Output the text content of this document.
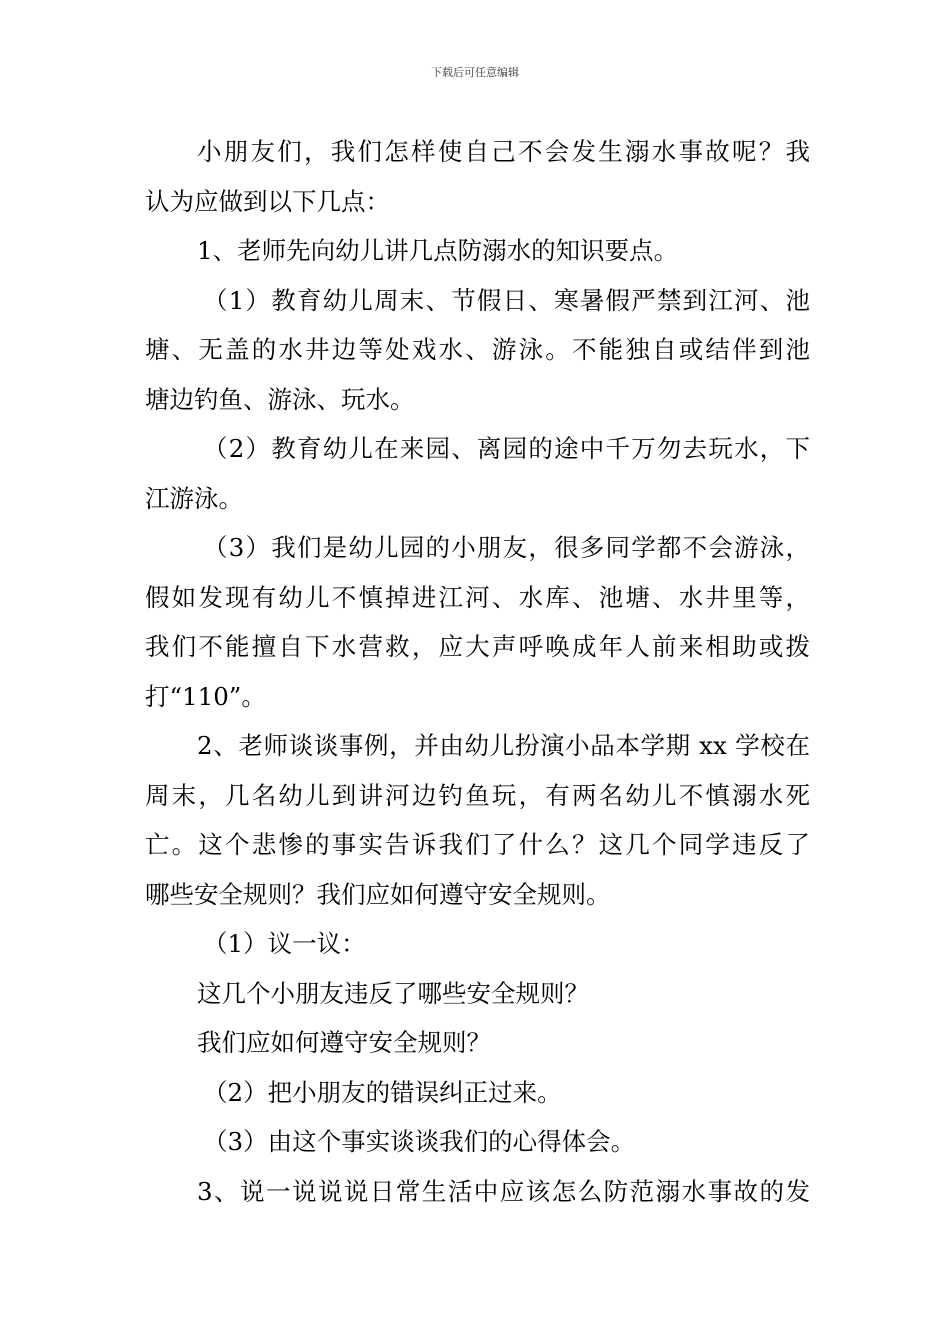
下载后可任意编辑
小朋友们，我们怎样使自己不会发生溺水事故呢？我
认为应做到以下几点：
1、老师先向幼儿讲几点防溺水的知识要点。
（1）教育幼儿周末、节假日、寒暑假严禁到江河、池
塘、无盖的水井边等处戏水、游泳。不能独自或结伴到池
塘边钓鱼、游泳、玩水。
（2）教育幼儿在来园、离园的途中千万勿去玩水，下
江游泳。
（3）我们是幼儿园的小朋友，很多同学都不会游泳，
假如发现有幼儿不慎掉进江河、水库、池塘、水井里等，
我们不能擅自下水营救，应大声呼唤成年人前来相助或拨
打“110”。
2、老师谈谈事例，并由幼儿扮演小品本学期 xx 学校在
周末，几名幼儿到讲河边钓鱼玩，有两名幼儿不慎溺水死
亡。这个悲惨的事实告诉我们了什么？这几个同学违反了
哪些安全规则？我们应如何遵守安全规则。
（1）议一议：
这几个小朋友违反了哪些安全规则？
我们应如何遵守安全规则？
（2）把小朋友的错误纠正过来。
（3）由这个事实谈谈我们的心得体会。
3、说一说说说日常生活中应该怎么防范溺水事故的发
